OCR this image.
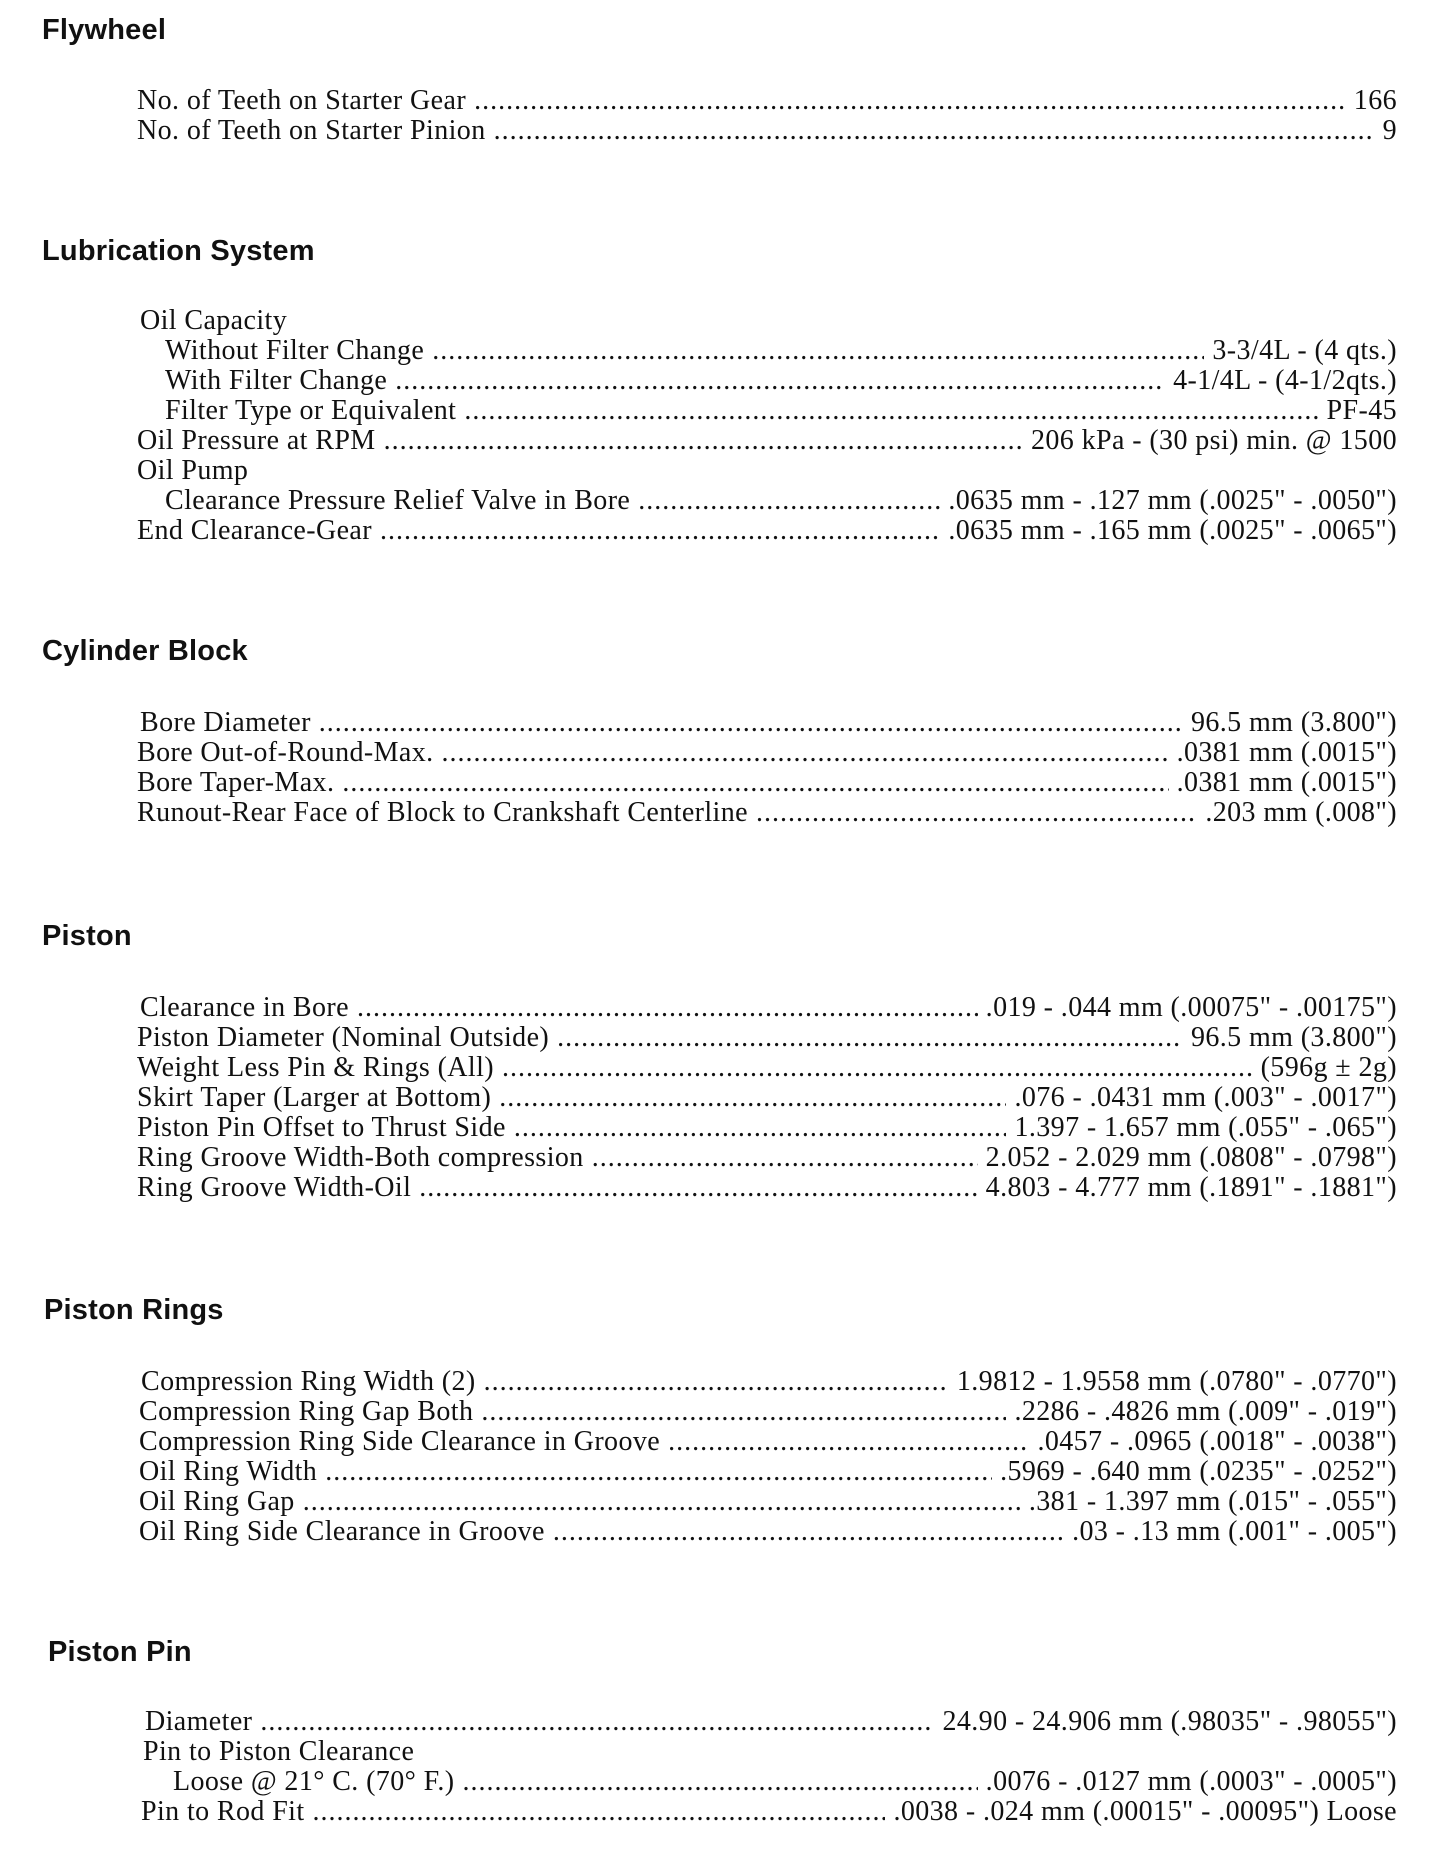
Flywheel
No. of Teeth on Starter Gear .....	166
No. of Teeth on Starter Pinion .....	9
Lubrication System
Oil Capacity
Without Filter Change .....	3-3/4L - (4 qts.)
With Filter Change .....	4-1/4L - (4-1/2qts.)
Filter Type or Equivalent .....	PF-45
Oil Pressure at RPM .....	206 kPa - (30 psi) min. @ 1500
Oil Pump
Clearance Pressure Relief Valve in Bore .....	.0635 mm - .127 mm (.0025" - .0050")
End Clearance-Gear .....	.0635 mm - .165 mm (.0025" - .0065")
Cylinder Block
Bore Diameter .....	96.5 mm (3.800")
Bore Out-of-Round-Max. .....	.0381 mm (.0015")
Bore Taper-Max. .....	.0381 mm (.0015")
Runout-Rear Face of Block to Crankshaft Centerline .....	.203 mm (.008")
Piston
Clearance in Bore .....	.019 - .044 mm (.00075" - .00175")
Piston Diameter (Nominal Outside) .....	96.5 mm (3.800")
Weight Less Pin & Rings (All) .....	(596g ± 2g)
Skirt Taper (Larger at Bottom) .....	.076 - .0431 mm (.003" - .0017")
Piston Pin Offset to Thrust Side .....	1.397 - 1.657 mm (.055" - .065")
Ring Groove Width-Both compression .....	2.052 - 2.029 mm (.0808" - .0798")
Ring Groove Width-Oil .....	4.803 - 4.777 mm (.1891" - .1881")
Piston Rings
Compression Ring Width (2) .....	1.9812 - 1.9558 mm (.0780" - .0770")
Compression Ring Gap Both .....	.2286 - .4826 mm (.009" - .019")
Compression Ring Side Clearance in Groove .....	.0457 - .0965 (.0018" - .0038")
Oil Ring Width .....	.5969 - .640 mm (.0235" - .0252")
Oil Ring Gap .....	.381 - 1.397 mm (.015" - .055")
Oil Ring Side Clearance in Groove .....	.03 - .13 mm (.001" - .005")
Piston Pin
Diameter .....	24.90 - 24.906 mm (.98035" - .98055")
Pin to Piston Clearance
Loose @ 21° C. (70° F.) .....	.0076 - .0127 mm (.0003" - .0005")
Pin to Rod Fit .....	.0038 - .024 mm (.00015" - .00095") Loose
